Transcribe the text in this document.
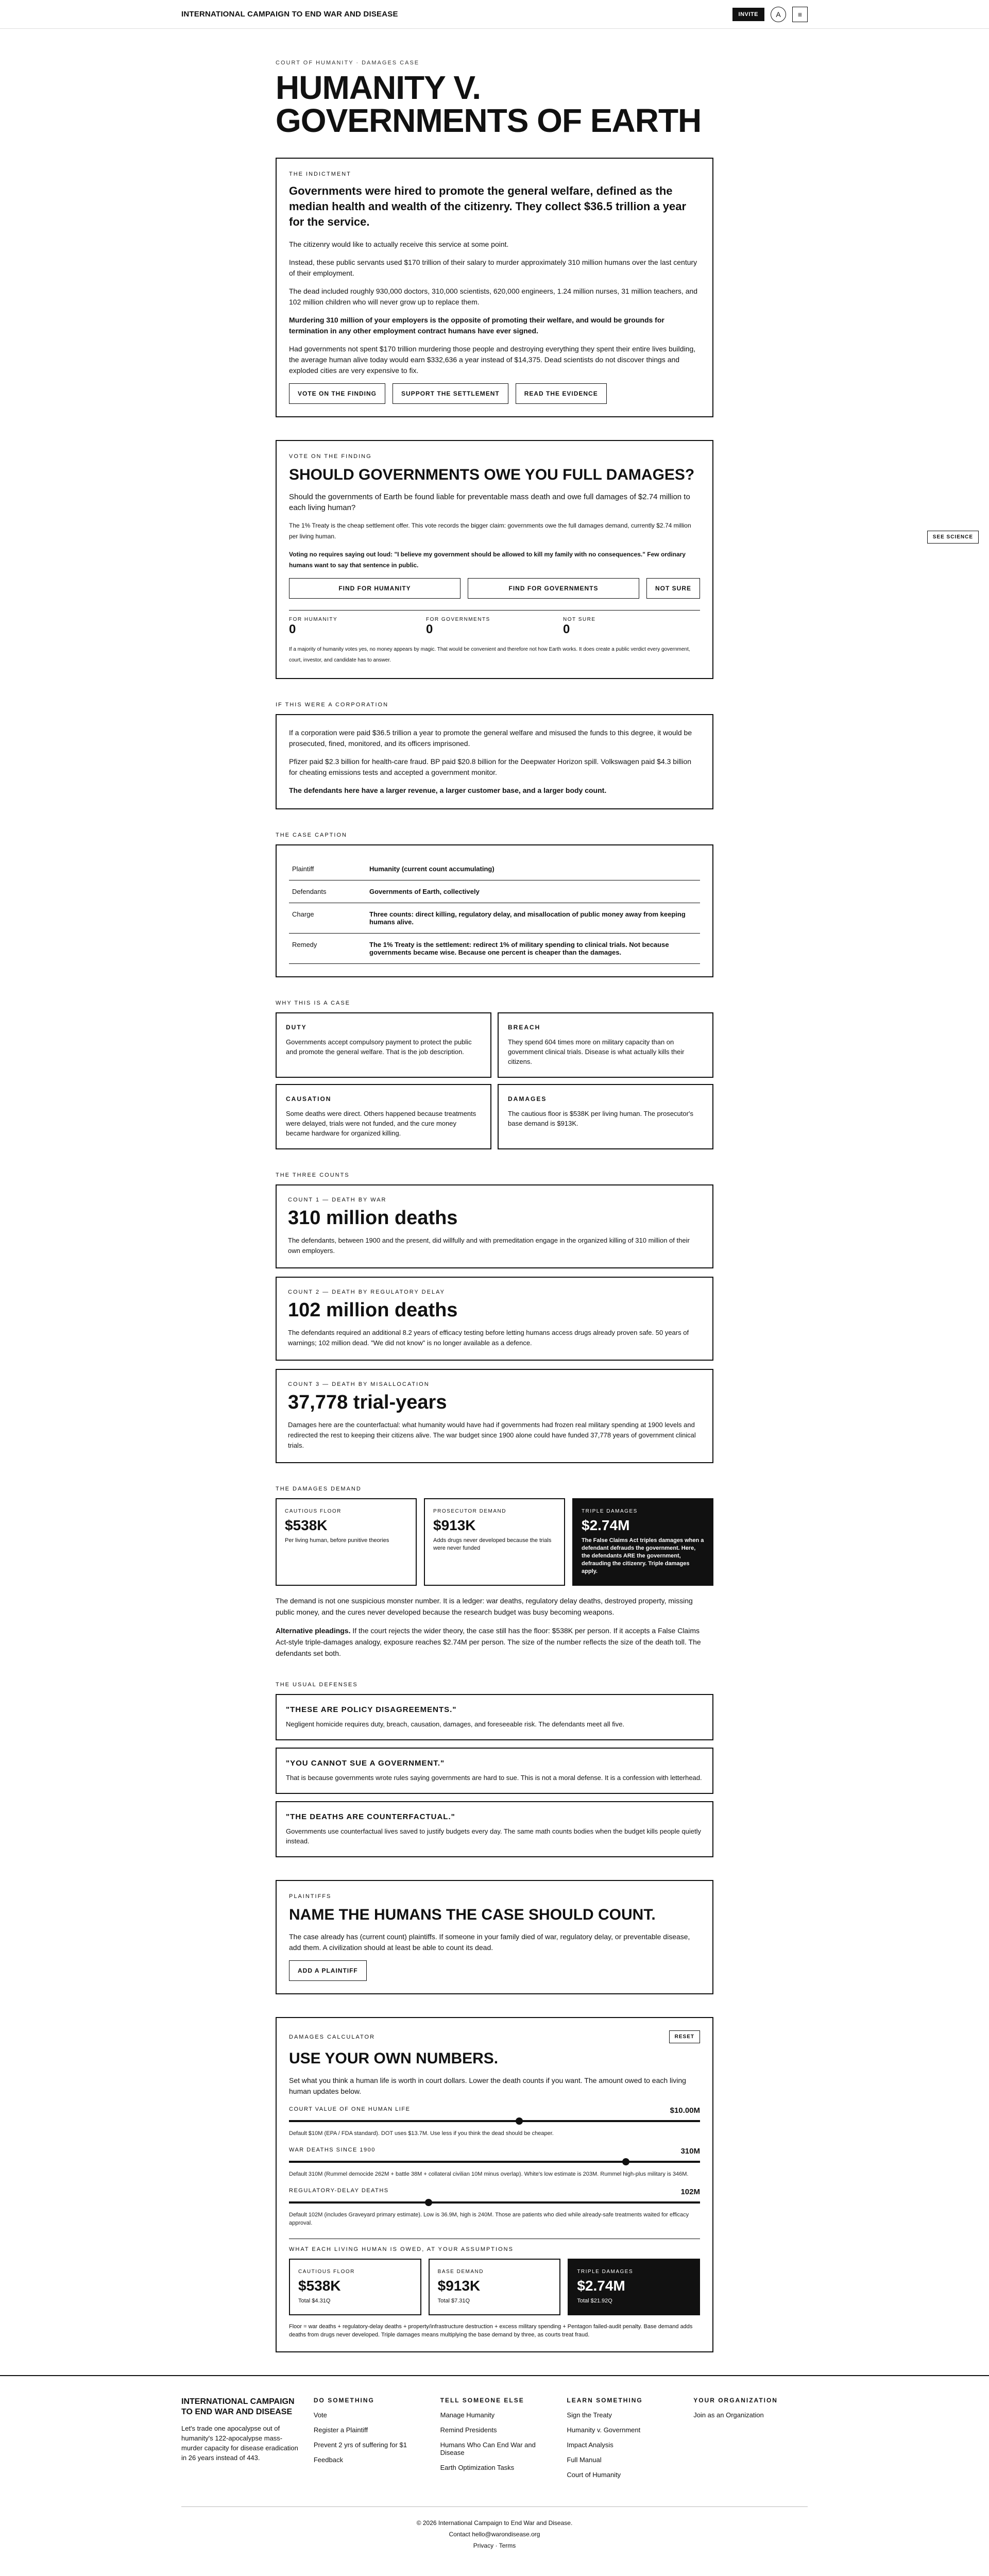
INTERNATIONAL CAMPAIGN TO END WAR AND DISEASE	INVITE	A	≡
SEE SCIENCE
COURT OF HUMANITY · DAMAGES CASE
HUMANITY V. GOVERNMENTS OF EARTH
THE INDICTMENT

Governments were hired to promote the general welfare, defined as the median health and wealth of the citizenry. They collect $36.5 trillion a year for the service.

The citizenry would like to actually receive this service at some point.

Instead, these public servants used $170 trillion of their salary to murder approximately 310 million humans over the last century of their employment.

The dead included roughly 930,000 doctors, 310,000 scientists, 620,000 engineers, 1.24 million nurses, 31 million teachers, and 102 million children who will never grow up to replace them.

Murdering 310 million of your employers is the opposite of promoting their welfare, and would be grounds for termination in any other employment contract humans have ever signed.

Had governments not spent $170 trillion murdering those people and destroying everything they spent their entire lives building, the average human alive today would earn $332,636 a year instead of $14,375. Dead scientists do not discover things and exploded cities are very expensive to fix.

VOTE ON THE FINDING	SUPPORT THE SETTLEMENT	READ THE EVIDENCE
VOTE ON THE FINDING
SHOULD GOVERNMENTS OWE YOU FULL DAMAGES?

Should the governments of Earth be found liable for preventable mass death and owe full damages of $2.74 million to each living human?

The 1% Treaty is the cheap settlement offer. This vote records the bigger claim: governments owe the full damages demand, currently $2.74 million per living human.

Voting no requires saying out loud: "I believe my government should be allowed to kill my family with no consequences." Few ordinary humans want to say that sentence in public.

FIND FOR HUMANITY	FIND FOR GOVERNMENTS	NOT SURE
FOR HUMANITY
0
FOR GOVERNMENTS
0
NOT SURE
0

If a majority of humanity votes yes, no money appears by magic. That would be convenient and therefore not how Earth works. It does create a public verdict every government, court, investor, and candidate has to answer.

IF THIS WERE A CORPORATION

If a corporation were paid $36.5 trillion a year to promote the general welfare and misused the funds to this degree, it would be prosecuted, fined, monitored, and its officers imprisoned.

Pfizer paid $2.3 billion for health-care fraud. BP paid $20.8 billion for the Deepwater Horizon spill. Volkswagen paid $4.3 billion for cheating emissions tests and accepted a government monitor.

The defendants here have a larger revenue, a larger customer base, and a larger body count.

THE CASE CAPTION
Plaintiff	Humanity (current count accumulating)
Defendants	Governments of Earth, collectively
Charge	Three counts: direct killing, regulatory delay, and misallocation of public money away from keeping humans alive.
Remedy	The 1% Treaty is the settlement: redirect 1% of military spending to clinical trials. Not because governments became wise. Because one percent is cheaper than the damages.
WHY THIS IS A CASE
DUTY

Governments accept compulsory payment to protect the public and promote the general welfare. That is the job description.

BREACH

They spend 604 times more on military capacity than on government clinical trials. Disease is what actually kills their citizens.

CAUSATION

Some deaths were direct. Others happened because treatments were delayed, trials were not funded, and the cure money became hardware for organized killing.

DAMAGES

The cautious floor is $538K per living human. The prosecutor's base demand is $913K.

THE THREE COUNTS
COUNT 1 — DEATH BY WAR
310 million deaths

The defendants, between 1900 and the present, did willfully and with premeditation engage in the organized killing of 310 million of their own employers.

COUNT 2 — DEATH BY REGULATORY DELAY
102 million deaths

The defendants required an additional 8.2 years of efficacy testing before letting humans access drugs already proven safe. 50 years of warnings; 102 million dead. "We did not know" is no longer available as a defence.

COUNT 3 — DEATH BY MISALLOCATION
37,778 trial-years

Damages here are the counterfactual: what humanity would have had if governments had frozen real military spending at 1900 levels and redirected the rest to keeping their citizens alive. The war budget since 1900 alone could have funded 37,778 years of government clinical trials.

THE DAMAGES DEMAND
CAUTIOUS FLOOR
$538K
Per living human, before punitive theories
PROSECUTOR DEMAND
$913K
Adds drugs never developed because the trials were never funded
TRIPLE DAMAGES
$2.74M
The False Claims Act triples damages when a defendant defrauds the government. Here, the defendants ARE the government, defrauding the citizenry. Triple damages apply.

The demand is not one suspicious monster number. It is a ledger: war deaths, regulatory delay deaths, destroyed property, missing public money, and the cures never developed because the research budget was busy becoming weapons.

Alternative pleadings. If the court rejects the wider theory, the case still has the floor: $538K per person. If it accepts a False Claims Act-style triple-damages analogy, exposure reaches $2.74M per person. The size of the number reflects the size of the death toll. The defendants set both.

THE USUAL DEFENSES
"THESE ARE POLICY DISAGREEMENTS."

Negligent homicide requires duty, breach, causation, damages, and foreseeable risk. The defendants meet all five.

"YOU CANNOT SUE A GOVERNMENT."

That is because governments wrote rules saying governments are hard to sue. This is not a moral defense. It is a confession with letterhead.

"THE DEATHS ARE COUNTERFACTUAL."

Governments use counterfactual lives saved to justify budgets every day. The same math counts bodies when the budget kills people quietly instead.

PLAINTIFFS
NAME THE HUMANS THE CASE SHOULD COUNT.

The case already has (current count) plaintiffs. If someone in your family died of war, regulatory delay, or preventable disease, add them. A civilization should at least be able to count its dead.

ADD A PLAINTIFF
DAMAGES CALCULATOR	RESET
USE YOUR OWN NUMBERS.

Set what you think a human life is worth in court dollars. Lower the death counts if you want. The amount owed to each living human updates below.

COURT VALUE OF ONE HUMAN LIFE	$10.00M
Default $10M (EPA / FDA standard). DOT uses $13.7M. Use less if you think the dead should be cheaper.
WAR DEATHS SINCE 1900	310M
Default 310M (Rummel democide 262M + battle 38M + collateral civilian 10M minus overlap). White's low estimate is 203M. Rummel high-plus military is 346M.
REGULATORY-DELAY DEATHS	102M
Default 102M (includes Graveyard primary estimate). Low is 36.9M, high is 240M. Those are patients who died while already-safe treatments waited for efficacy approval.
WHAT EACH LIVING HUMAN IS OWED, AT YOUR ASSUMPTIONS
CAUTIOUS FLOOR
$538K
Total $4.31Q
BASE DEMAND
$913K
Total $7.31Q
TRIPLE DAMAGES
$2.74M
Total $21.92Q

Floor = war deaths + regulatory-delay deaths + property/infrastructure destruction + excess military spending + Pentagon failed-audit penalty. Base demand adds deaths from drugs never developed. Triple damages means multiplying the base demand by three, as courts treat fraud.

INTERNATIONAL CAMPAIGN TO END WAR AND DISEASE
Let's trade one apocalypse out of humanity's 122-apocalypse mass-murder capacity for disease eradication in 26 years instead of 443.
DO SOMETHING
Vote
Register a Plaintiff
Prevent 2 yrs of suffering for $1
Feedback
TELL SOMEONE ELSE
Manage Humanity
Remind Presidents
Humans Who Can End War and Disease
Earth Optimization Tasks
LEARN SOMETHING
Sign the Treaty
Humanity v. Government
Impact Analysis
Full Manual
Court of Humanity
YOUR ORGANIZATION
Join as an Organization
© 2026 International Campaign to End War and Disease.
Contact hello@warondisease.org
Privacy · Terms
